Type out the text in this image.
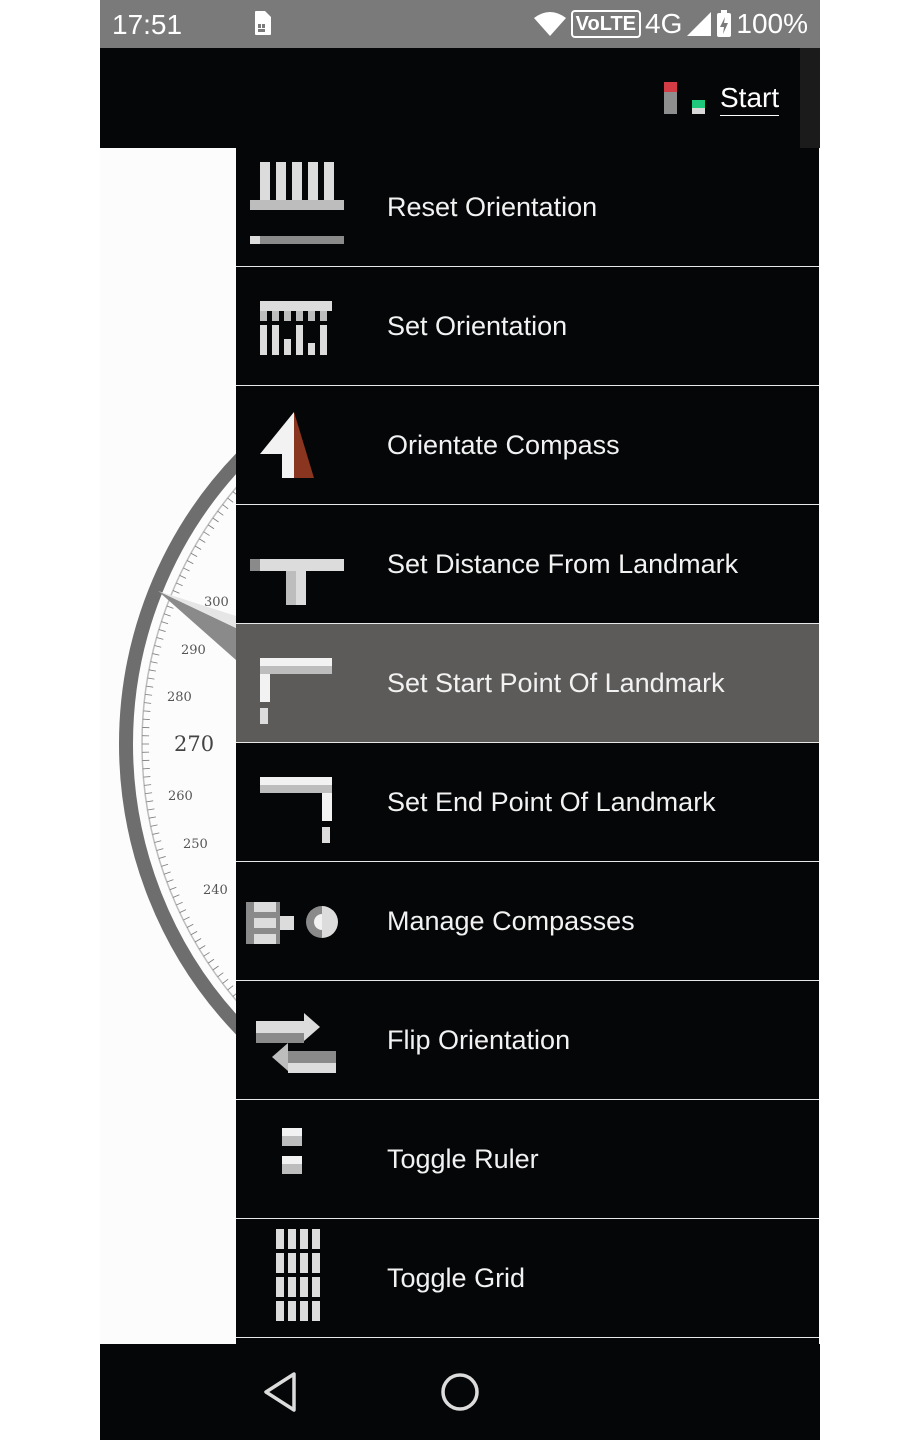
17:51	VoLTE 4G 100%
Start
300
290
280
270
260
250
240
Reset Orientation
Set Orientation
Orientate Compass
Set Distance From Landmark
Set Start Point Of Landmark
Set End Point Of Landmark
Manage Compasses
Flip Orientation
Toggle Ruler
Toggle Grid
